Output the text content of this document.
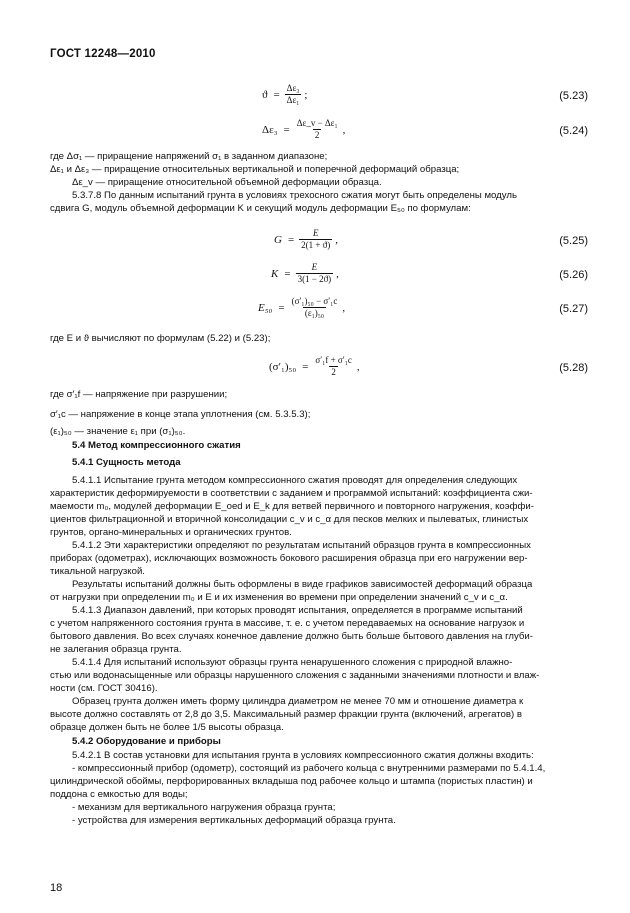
ГОСТ 12248—2010
$ϑ = \frac{\text{Δε₃}}{\text{Δε₁}}$ ;	(5.23)
$\Delta\varepsilon_3 = \frac{\text{Δε\_v − Δε₁}}{2}$ ,	(5.24)
$G = \frac{E}{2(1 + ϑ)}$ ,	(5.25)
$K = \frac{E}{3(1 - 2ϑ)}$ ,	(5.26)
$E_{50} = \frac{\text{(σ′₁)₅₀ − σ′₁c}}{\text{(ε₁)₅₀}}$ ,	(5.27)
$(\sigma'_1)_{50} = \frac{\text{σ′₁f + σ′₁c}}{2}$ ,	(5.28)
где Δσ₁ — приращение напряжений σ₁ в заданном диапазоне;
Δε₁ и Δε₃ — приращение относительных вертикальной и поперечной деформаций образца;
Δε_v — приращение относительной объемной деформации образца.
5.3.7.8 По данным испытаний грунта в условиях трехосного сжатия могут быть определены модуль
сдвига G, модуль объемной деформации K и секущий модуль деформации E₅₀ по формулам:
где E и ϑ вычисляют по формулам (5.22) и (5.23);
где σ′₁f — напряжение при разрушении;
σ′₁c — напряжение в конце этапа уплотнения (см. 5.3.5.3);
(ε₁)₅₀ — значение ε₁ при (σ₁)₅₀.
5.4 Метод компрессионного сжатия
5.4.1 Сущность метода
5.4.1.1 Испытание грунта методом компрессионного сжатия проводят для определения следующих
характеристик деформируемости в соответствии с заданием и программой испытаний: коэффициента сжи-
маемости m₀, модулей деформации E_oed и E_k для ветвей первичного и повторного нагружения, коэффи-
циентов фильтрационной и вторичной консолидации c_v и c_α для песков мелких и пылеватых, глинистых
грунтов, органо-минеральных и органических грунтов.
5.4.1.2 Эти характеристики определяют по результатам испытаний образцов грунта в компрессионных
приборах (одометрах), исключающих возможность бокового расширения образца при его нагружении вер-
тикальной нагрузкой.
Результаты испытаний должны быть оформлены в виде графиков зависимостей деформаций образца
от нагрузки при определении m₀ и E и их изменения во времени при определении значений c_v и c_α.
5.4.1.3 Диапазон давлений, при которых проводят испытания, определяется в программе испытаний
с учетом напряженного состояния грунта в массиве, т. е. с учетом передаваемых на основание нагрузок и
бытового давления. Во всех случаях конечное давление должно быть больше бытового давления на глуби-
не залегания образца грунта.
5.4.1.4 Для испытаний используют образцы грунта ненарушенного сложения с природной влажно-
стью или водонасыщенные или образцы нарушенного сложения с заданными значениями плотности и влаж-
ности (см. ГОСТ 30416).
Образец грунта должен иметь форму цилиндра диаметром не менее 70 мм и отношение диаметра к
высоте должно составлять от 2,8 до 3,5. Максимальный размер фракции грунта (включений, агрегатов) в
образце должен быть не более 1/5 высоты образца.
5.4.2 Оборудование и приборы
5.4.2.1 В состав установки для испытания грунта в условиях компрессионного сжатия должны входить:
- компрессионный прибор (одометр), состоящий из рабочего кольца с внутренними размерами по 5.4.1.4,
цилиндрической обоймы, перфорированных вкладыша под рабочее кольцо и штампа (пористых пластин) и
поддона с емкостью для воды;
- механизм для вертикального нагружения образца грунта;
- устройства для измерения вертикальных деформаций образца грунта.
18
